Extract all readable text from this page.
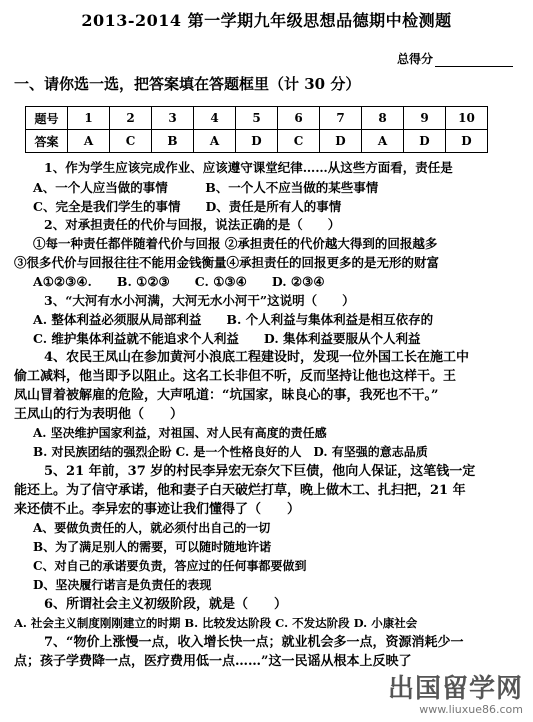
2013-2014 第一学期九年级思想品德期中检测题
总得分
一、请你选一选，把答案填在答题框里（计 30 分）
题号	1	2	3	4	5	6	7	8	9	10
答案	A	C	B	A	D	C	D	A	D	D
1、作为学生应该完成作业、应该遵守课堂纪律……从这些方面看，责任是
A、一个人应当做的事情　　　B、一个人不应当做的某些事情
C、完全是我们学生的事情　　D、责任是所有人的事情
2、对承担责任的代价与回报，说法正确的是（　　）
①每一种责任都伴随着代价与回报 ②承担责任的代价越大得到的回报越多
③很多代价与回报往往不能用金钱衡量④承担责任的回报更多的是无形的财富
A①②③④.　　B. ①②③　　C. ①③④　　D. ②③④
3、“大河有水小河满，大河无水小河干”这说明（　　）
A. 整体利益必须服从局部利益　　B. 个人利益与集体利益是相互依存的
C. 维护集体利益就不能追求个人利益　　D. 集体利益要服从个人利益
4、农民王凤山在参加黄河小浪底工程建设时，发现一位外国工长在施工中
偷工减料，他当即予以阻止。这名工长非但不听，反而坚持让他也这样干。王
凤山冒着被解雇的危险，大声吼道：“坑国家，昧良心的事，我死也不干。”
王凤山的行为表明他（　　）
A. 坚决维护国家利益，对祖国、对人民有高度的责任感
B. 对民族团结的强烈企盼 C. 是一个性格良好的人　D. 有坚强的意志品质
5、21 年前，37 岁的村民李异宏无奈欠下巨债，他向人保证，这笔钱一定
能还上。为了信守承诺，他和妻子白天破烂打草，晚上做木工、扎扫把，21 年
来还债不止。李异宏的事迹让我们懂得了（　　）
A、要做负责任的人，就必须付出自己的一切
B、为了满足别人的需要，可以随时随地许诺
C、对自己的承诺要负责，答应过的任何事都要做到
D、坚决履行诺言是负责任的表现
6、所谓社会主义初级阶段，就是（　　）
A. 社会主义制度刚刚建立的时期 B. 比较发达阶段 C. 不发达阶段 D. 小康社会
7、“物价上涨慢一点，收入增长快一点；就业机会多一点，资源消耗少一
点；孩子学费降一点，医疗费用低一点……”这一民谣从根本上反映了
出国留学网
www.liuxue86.com
